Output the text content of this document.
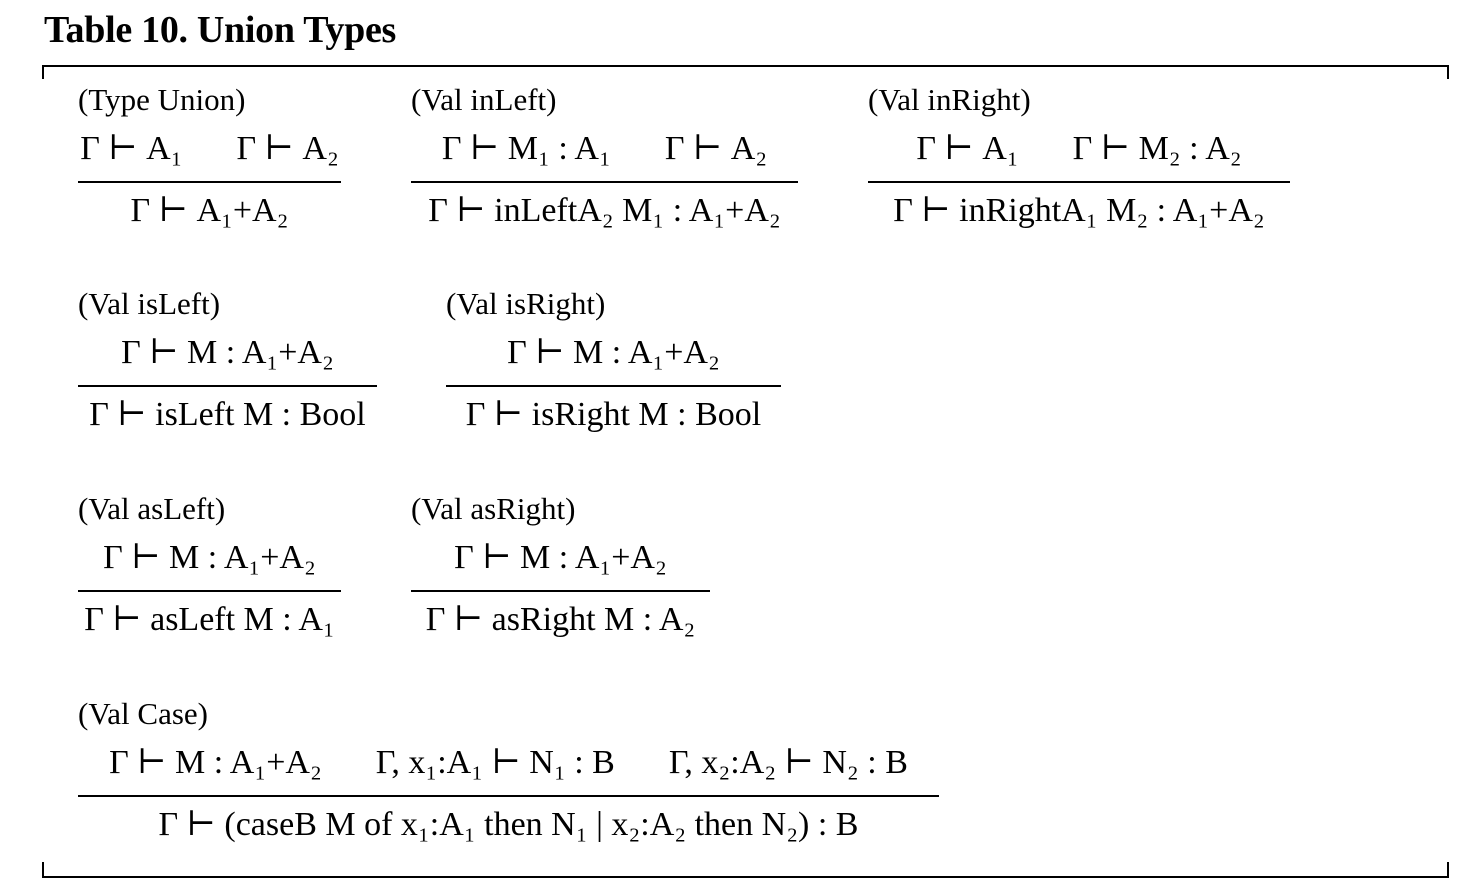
Table 10. Union Types
(Type Union)
Γ ⊢ A₁ Γ ⊢ A₂
Γ ⊢ A₁+A₂
(Val inLeft)
Γ ⊢ M₁ : A₁ Γ ⊢ A₂
Γ ⊢ inLeftA₂ M₁ : A₁+A₂
(Val inRight)
Γ ⊢ A₁ Γ ⊢ M₂ : A₂
Γ ⊢ inRightA₁ M₂ : A₁+A₂
(Val isLeft)
Γ ⊢ M : A₁+A₂
Γ ⊢ isLeft M : Bool
(Val isRight)
Γ ⊢ M : A₁+A₂
Γ ⊢ isRight M : Bool
(Val asLeft)
Γ ⊢ M : A₁+A₂
Γ ⊢ asLeft M : A₁
(Val asRight)
Γ ⊢ M : A₁+A₂
Γ ⊢ asRight M : A₂
(Val Case)
Γ ⊢ M : A₁+A₂ Γ, x₁:A₁ ⊢ N₁ : B Γ, x₂:A₂ ⊢ N₂ : B
Γ ⊢ (caseB M of x₁:A₁ then N₁ | x₂:A₂ then N₂) : B
